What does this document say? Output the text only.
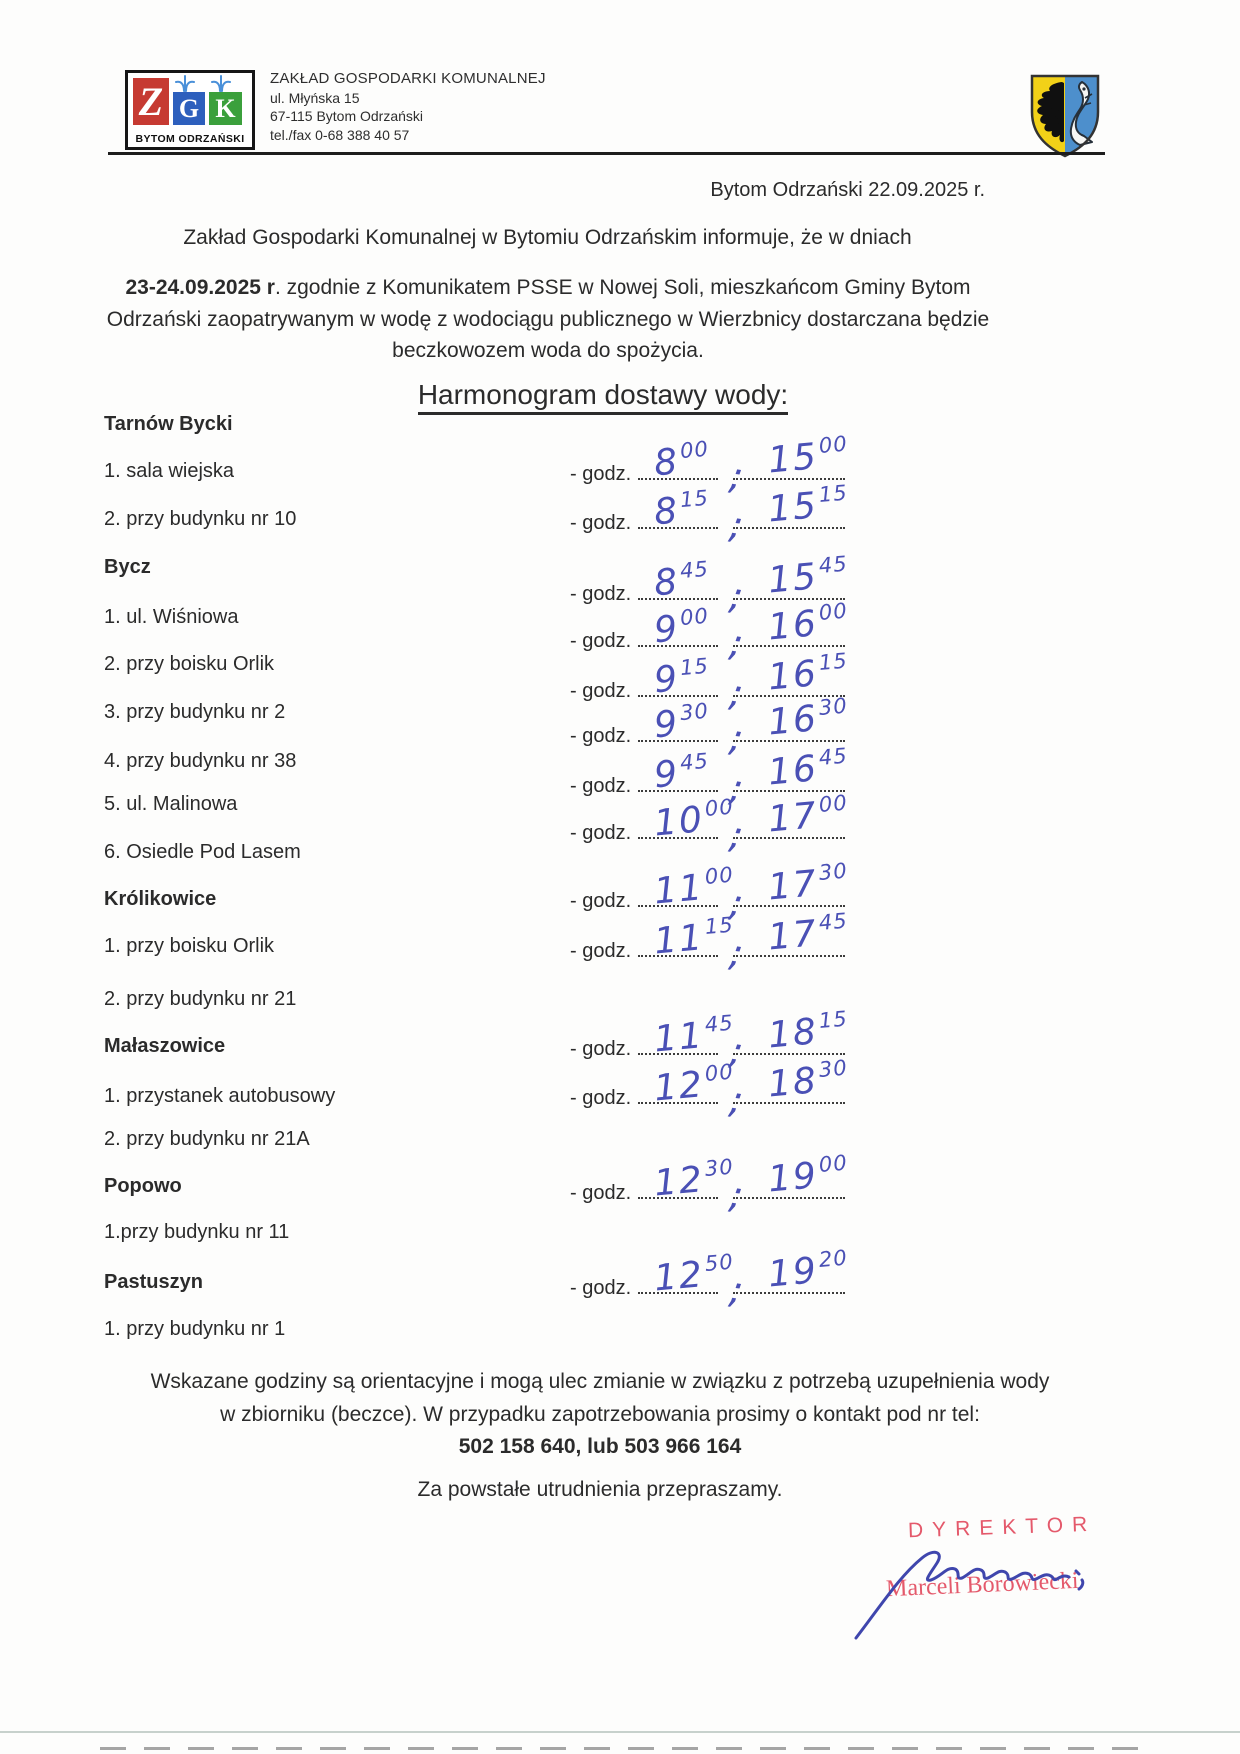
Z G K
BYTOM ODRZAŃSKI
ZAKŁAD GOSPODARKI KOMUNALNEJ
ul. Młyńska 15
67-115 Bytom Odrzański
tel./fax 0-68 388 40 57
Bytom Odrzański 22.09.2025 r.
Zakład Gospodarki Komunalnej w Bytomiu Odrzańskim informuje, że w dniach
23-24.09.2025 r. zgodnie z Komunikatem PSSE w Nowej Soli, mieszkańcom Gminy Bytom
Odrzański zaopatrywanym w wodę z wodociągu publicznego w Wierzbnicy dostarczana będzie
beczkowozem woda do spożycia.
Harmonogram dostawy wody:
Tarnów Bycki
1. sala wiejska
2. przy budynku nr 10
Bycz
1. ul. Wiśniowa
2. przy boisku Orlik
3. przy budynku nr 2
4. przy budynku nr 38
5. ul. Malinowa
6. Osiedle Pod Lasem
Królikowice
1. przy boisku Orlik
2. przy budynku nr 21
Małaszowice
1. przystanek autobusowy
2. przy budynku nr 21A
Popowo
1.przy budynku nr 11
Pastuszyn
1. przy budynku nr 1
- godz. $8^{00}$
; $15^{00}$
- godz. $8^{15}$
; $15^{15}$
- godz. $8^{45}$
; $15^{45}$
- godz. $9^{00}$
; $16^{00}$
- godz. $9^{15}$
; $16^{15}$
- godz. $9^{30}$
; $16^{30}$
- godz. $9^{45}$
; $16^{45}$
- godz. $10^{00}$
; $17^{00}$
- godz. $11^{00}$
; $17^{30}$
- godz. $11^{15}$
; $17^{45}$
- godz. $11^{45}$
; $18^{15}$
- godz. $12^{00}$
; $18^{30}$
- godz. $12^{30}$
; $19^{00}$
- godz. $12^{50}$
; $19^{20}$
Wskazane godziny są orientacyjne i mogą ulec zmianie w związku z potrzebą uzupełnienia wody
w zbiorniku (beczce). W przypadku zapotrzebowania prosimy o kontakt pod nr tel:
502 158 640, lub 503 966 164
Za powstałe utrudnienia przepraszamy.
DYREKTOR
Marceli Borowiecki
